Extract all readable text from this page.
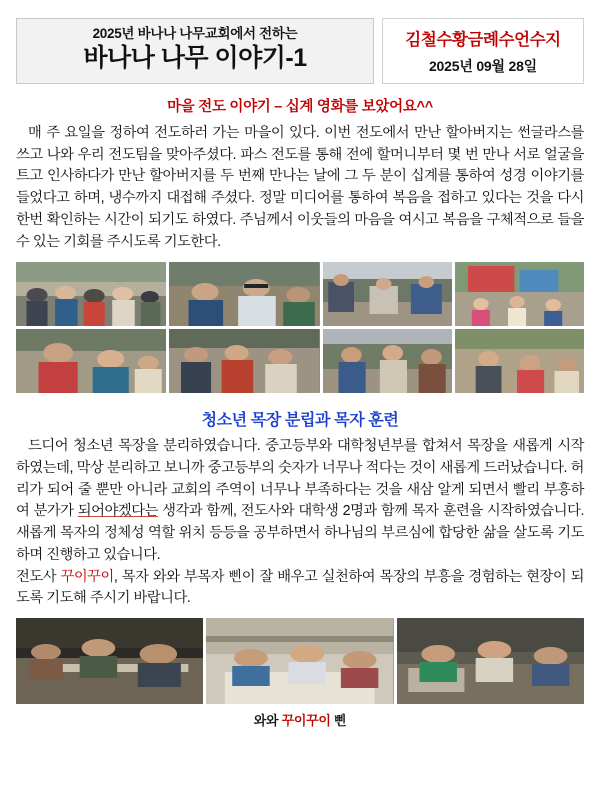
2025년 바나나 나무교회에서 전하는
바나나 나무 이야기-1
김철수황금례수언수지
2025년 09월 28일
마을 전도 이야기 – 십계 영화를 보았어요^^

매 주 요일을 정하여 전도하러 가는 마을이 있다. 이번 전도에서 만난 할아버지는 썬글라스를 쓰고 나와 우리 전도팀을 맞아주셨다. 파스 전도를 통해 전에 할머니부터 몇 번 만나 서로 얼굴을 트고 인사하다가 만난 할아버지를 두 번째 만나는 날에 그 두 분이 십계를 통하여 성경 이야기를 들었다고 하며, 냉수까지 대접해 주셨다. 정말 미디어를 통하여 복음을 접하고 있다는 것을 다시 한번 확인하는 시간이 되기도 하였다. 주님께서 이웃들의 마음을 여시고 복음을 구체적으로 들을 수 있는 기회를 주시도록 기도한다.

청소년 목장 분립과 목자 훈련

드디어 청소년 목장을 분리하였습니다. 중고등부와 대학청년부를 합쳐서 목장을 새롭게 시작하였는데, 막상 분리하고 보니까 중고등부의 숫자가 너무나 적다는 것이 새롭게 드러났습니다. 허리가 되어 줄 뿐만 아니라 교회의 주역이 너무나 부족하다는 것을 새삼 알게 되면서 빨리 부흥하여 분가가 되어야겠다는 생각과 함께, 전도사와 대학생 2명과 함께 목자 훈련을 시작하였습니다. 새롭게 목자의 정체성 역할 위치 등등을 공부하면서 하나님의 부르심에 합당한 삶을 살도록 기도하며 진행하고 있습니다.

전도사 꾸이꾸이, 목자 와와 부목자 삔이 잘 배우고 실천하여 목장의 부흥을 경험하는 현장이 되도록 기도해 주시기 바랍니다.

와와 꾸이꾸이 삔
